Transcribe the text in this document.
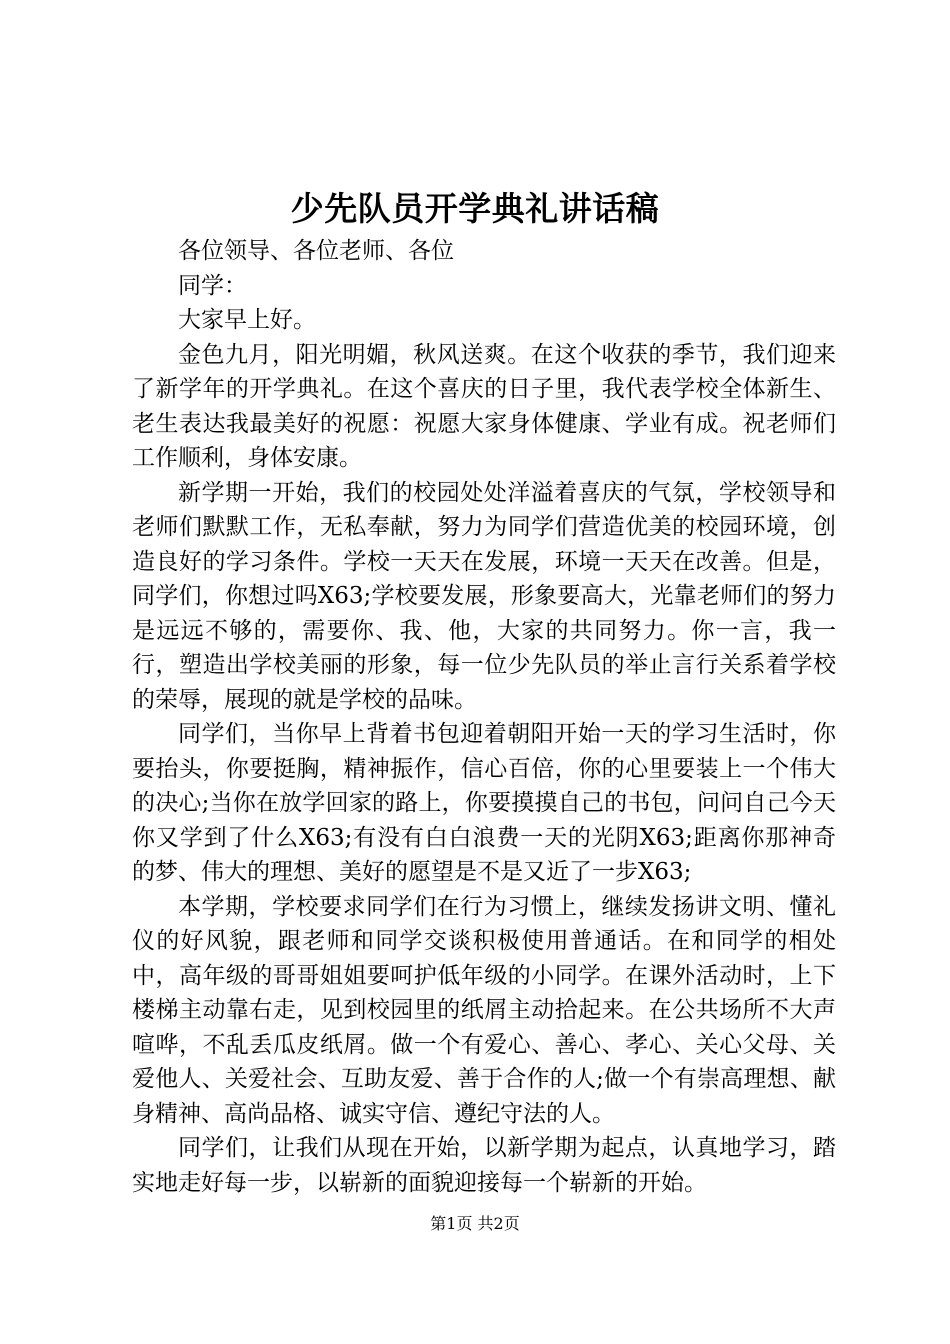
少先队员开学典礼讲话稿

各位领导、各位老师、各位

同学：

大家早上好。

金色九月，阳光明媚，秋风送爽。在这个收获的季节，我们迎来了新学年的开学典礼。在这个喜庆的日子里，我代表学校全体新生、老生表达我最美好的祝愿：祝愿大家身体健康、学业有成。祝老师们工作顺利，身体安康。

新学期一开始，我们的校园处处洋溢着喜庆的气氛，学校领导和老师们默默工作，无私奉献，努力为同学们营造优美的校园环境，创造良好的学习条件。学校一天天在发展，环境一天天在改善。但是，同学们，你想过吗X63;学校要发展，形象要高大，光靠老师们的努力是远远不够的，需要你、我、他，大家的共同努力。你一言，我一行，塑造出学校美丽的形象，每一位少先队员的举止言行关系着学校的荣辱，展现的就是学校的品味。

同学们，当你早上背着书包迎着朝阳开始一天的学习生活时，你要抬头，你要挺胸，精神振作，信心百倍，你的心里要装上一个伟大的决心;当你在放学回家的路上，你要摸摸自己的书包，问问自己今天你又学到了什么X63;有没有白白浪费一天的光阴X63;距离你那神奇的梦、伟大的理想、美好的愿望是不是又近了一步X63;

本学期，学校要求同学们在行为习惯上，继续发扬讲文明、懂礼仪的好风貌，跟老师和同学交谈积极使用普通话。在和同学的相处中，高年级的哥哥姐姐要呵护低年级的小同学。在课外活动时，上下楼梯主动靠右走，见到校园里的纸屑主动拾起来。在公共场所不大声喧哗，不乱丢瓜皮纸屑。做一个有爱心、善心、孝心、关心父母、关爱他人、关爱社会、互助友爱、善于合作的人;做一个有崇高理想、献身精神、高尚品格、诚实守信、遵纪守法的人。

同学们，让我们从现在开始，以新学期为起点，认真地学习，踏实地走好每一步，以崭新的面貌迎接每一个崭新的开始。

第1页 共2页
